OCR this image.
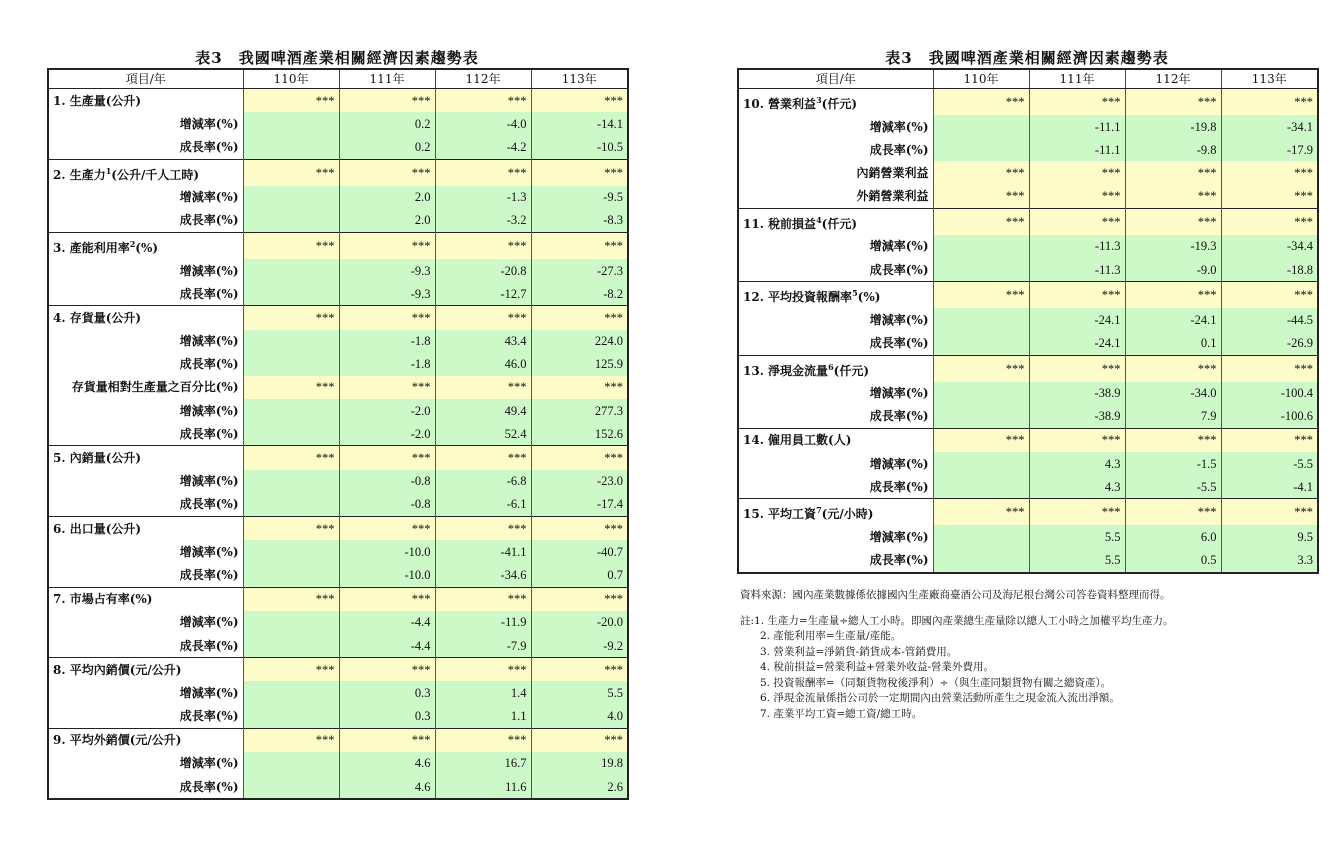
表3　我國啤酒產業相關經濟因素趨勢表	表3　我國啤酒產業相關經濟因素趨勢表
項目/年	110年	111年	112年	113年
1. 生產量(公升)	***	***	***	***
增減率(%)		0.2	-4.0	-14.1
成長率(%)		0.2	-4.2	-10.5
2. 生產力$^1$(公升/千人工時)	***	***	***	***
增減率(%)		2.0	-1.3	-9.5
成長率(%)		2.0	-3.2	-8.3
3. 產能利用率$^2$(%)	***	***	***	***
增減率(%)		-9.3	-20.8	-27.3
成長率(%)		-9.3	-12.7	-8.2
4. 存貨量(公升)	***	***	***	***
增減率(%)		-1.8	43.4	224.0
成長率(%)		-1.8	46.0	125.9
存貨量相對生產量之百分比(%)	***	***	***	***
增減率(%)		-2.0	49.4	277.3
成長率(%)		-2.0	52.4	152.6
5. 內銷量(公升)	***	***	***	***
增減率(%)		-0.8	-6.8	-23.0
成長率(%)		-0.8	-6.1	-17.4
6. 出口量(公升)	***	***	***	***
增減率(%)		-10.0	-41.1	-40.7
成長率(%)		-10.0	-34.6	0.7
7. 市場占有率(%)	***	***	***	***
增減率(%)		-4.4	-11.9	-20.0
成長率(%)		-4.4	-7.9	-9.2
8. 平均內銷價(元/公升)	***	***	***	***
增減率(%)		0.3	1.4	5.5
成長率(%)		0.3	1.1	4.0
9. 平均外銷價(元/公升)	***	***	***	***
增減率(%)		4.6	16.7	19.8
成長率(%)		4.6	11.6	2.6
項目/年	110年	111年	112年	113年
10. 營業利益$^3$(仟元)	***	***	***	***
增減率(%)		-11.1	-19.8	-34.1
成長率(%)		-11.1	-9.8	-17.9
內銷營業利益	***	***	***	***
外銷營業利益	***	***	***	***
11. 稅前損益$^4$(仟元)	***	***	***	***
增減率(%)		-11.3	-19.3	-34.4
成長率(%)		-11.3	-9.0	-18.8
12. 平均投資報酬率$^5$(%)	***	***	***	***
增減率(%)		-24.1	-24.1	-44.5
成長率(%)		-24.1	0.1	-26.9
13. 淨現金流量$^6$(仟元)	***	***	***	***
增減率(%)		-38.9	-34.0	-100.4
成長率(%)		-38.9	7.9	-100.6
14. 僱用員工數(人)	***	***	***	***
增減率(%)		4.3	-1.5	-5.5
成長率(%)		4.3	-5.5	-4.1
15. 平均工資$^7$(元/小時)	***	***	***	***
增減率(%)		5.5	6.0	9.5
成長率(%)		5.5	0.5	3.3
資料來源：國內產業數據係依據國內生產廠商臺酒公司及海尼根台灣公司答卷資料整理而得。
註:1. 生產力=生產量÷總人工小時。即國內產業總生產量除以總人工小時之加權平均生產力。
2. 產能利用率=生產量/產能。
3. 營業利益=淨銷貨-銷貨成本-管銷費用。
4. 稅前損益=營業利益+營業外收益-營業外費用。
5. 投資報酬率=（同類貨物稅後淨利）÷（與生產同類貨物有關之總資產）。
6. 淨現金流量係指公司於一定期間內由營業活動所產生之現金流入流出淨額。
7. 產業平均工資=總工資/總工時。
